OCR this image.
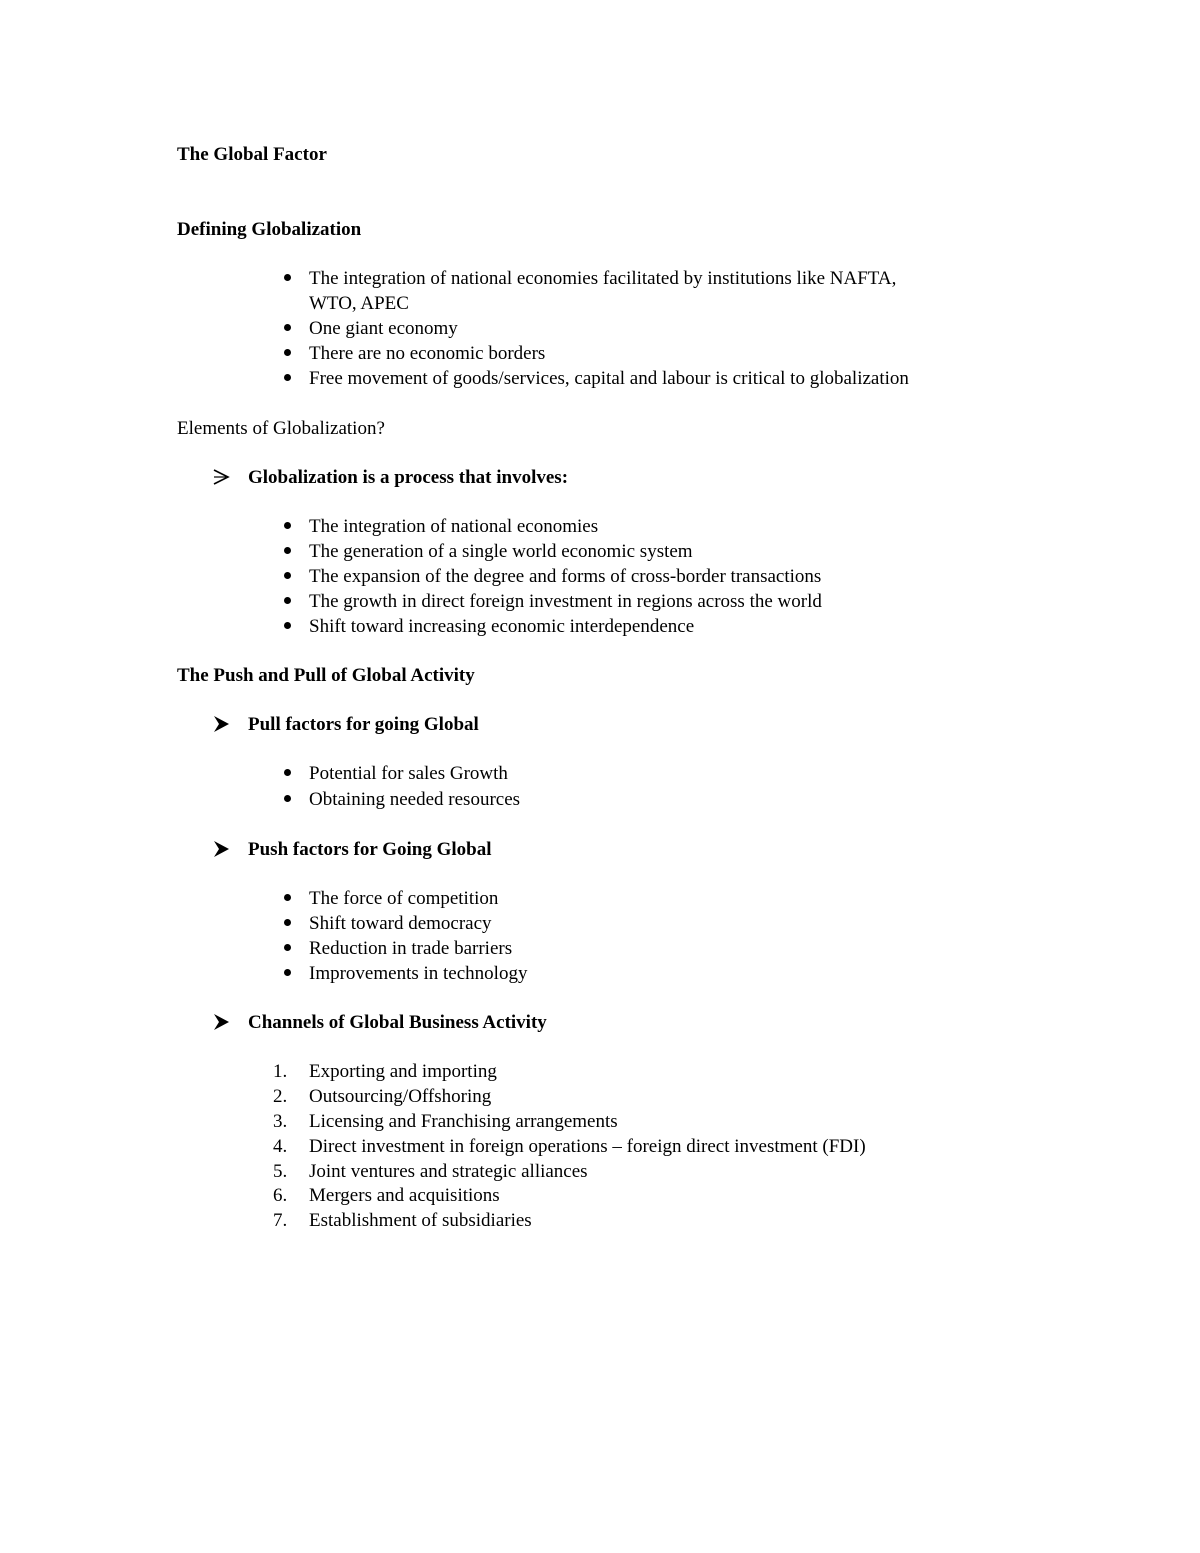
The Global Factor
Defining Globalization
The integration of national economies facilitated by institutions like NAFTA,
WTO, APEC
One giant economy
There are no economic borders
Free movement of goods/services, capital and labour is critical to globalization
Elements of Globalization?
Globalization is a process that involves:
The integration of national economies
The generation of a single world economic system
The expansion of the degree and forms of cross-border transactions
The growth in direct foreign investment in regions across the world
Shift toward increasing economic interdependence
The Push and Pull of Global Activity
Pull factors for going Global
Potential for sales Growth
Obtaining needed resources
Push factors for Going Global
The force of competition
Shift toward democracy
Reduction in trade barriers
Improvements in technology
Channels of Global Business Activity
1.	Exporting and importing
2.	Outsourcing/Offshoring
3.	Licensing and Franchising arrangements
4.	Direct investment in foreign operations – foreign direct investment (FDI)
5.	Joint ventures and strategic alliances
6.	Mergers and acquisitions
7.	Establishment of subsidiaries
